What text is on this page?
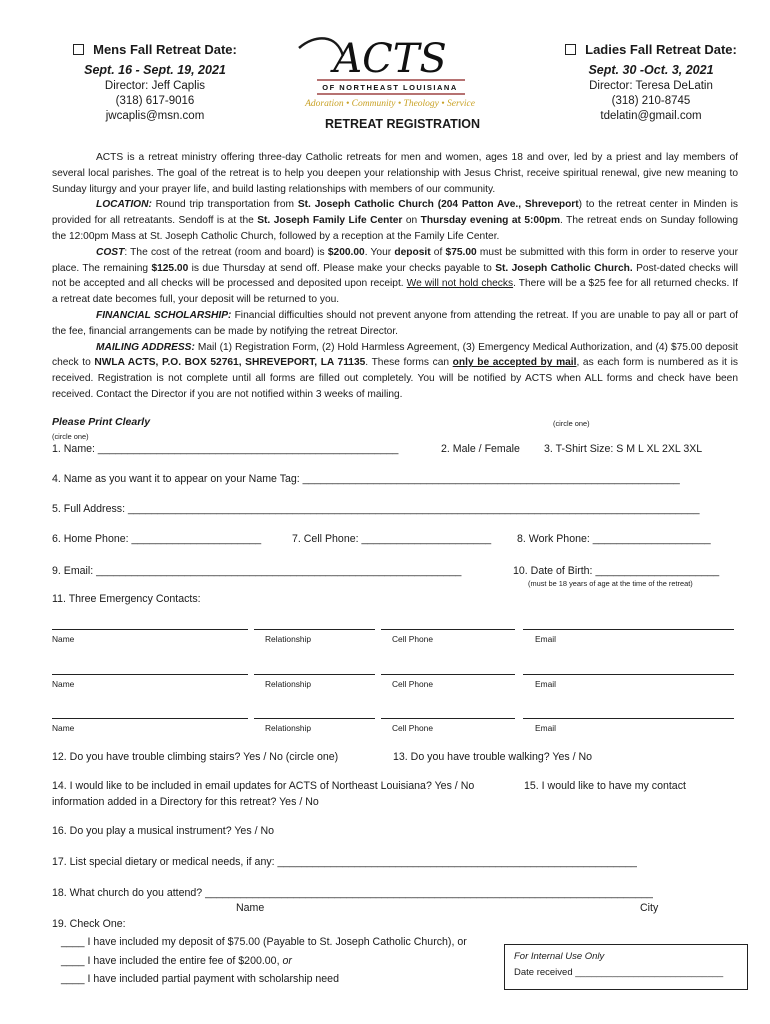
Mens Fall Retreat Date:
Sept. 16 - Sept. 19, 2021
Director: Jeff Caplis
(318) 617-9016
jwcaplis@msn.com
ACTS
OF NORTHEAST LOUISIANA
Adoration • Community • Theology • Service
RETREAT REGISTRATION
Ladies Fall Retreat Date:
Sept. 30 -Oct. 3, 2021
Director: Teresa DeLatin
(318) 210-8745
tdelatin@gmail.com

ACTS is a retreat ministry offering three-day Catholic retreats for men and women, ages 18 and over, led by a priest and lay members of several local parishes. The goal of the retreat is to help you deepen your relationship with Jesus Christ, receive spiritual renewal, give new meaning to Sunday liturgy and your prayer life, and build lasting relationships with members of our community.

LOCATION: Round trip transportation from St. Joseph Catholic Church (204 Patton Ave., Shreveport) to the retreat center in Minden is provided for all retreatants. Sendoff is at the St. Joseph Family Life Center on Thursday evening at 5:00pm. The retreat ends on Sunday following the 12:00pm Mass at St. Joseph Catholic Church, followed by a reception at the Family Life Center.

COST: The cost of the retreat (room and board) is $200.00. Your deposit of $75.00 must be submitted with this form in order to reserve your place. The remaining $125.00 is due Thursday at send off. Please make your checks payable to St. Joseph Catholic Church. Post-dated checks will not be accepted and all checks will be processed and deposited upon receipt. We will not hold checks. There will be a $25 fee for all returned checks. If a retreat date becomes full, your deposit will be returned to you.

FINANCIAL SCHOLARSHIP: Financial difficulties should not prevent anyone from attending the retreat. If you are unable to pay all or part of the fee, financial arrangements can be made by notifying the retreat Director.

MAILING ADDRESS: Mail (1) Registration Form, (2) Hold Harmless Agreement, (3) Emergency Medical Authorization, and (4) $75.00 deposit check to NWLA ACTS, P.O. BOX 52761, SHREVEPORT, LA 71135. These forms can only be accepted by mail, as each form is numbered as it is received. Registration is not complete until all forms are filled out completely. You will be notified by ACTS when ALL forms and check have been received. Contact the Director if you are not notified within 3 weeks of mailing.

Please Print Clearly	(circle one)
(circle one)
1. Name: ___________________________________________________	2. Male / Female 3. T-Shirt Size: S M L XL 2XL 3XL
4. Name as you want it to appear on your Name Tag: ________________________________________________________________
5. Full Address: _________________________________________________________________________________________________
6. Home Phone: ______________________	7. Cell Phone: ______________________ 8. Work Phone: ____________________
9. Email: ______________________________________________________________	10. Date of Birth: _____________________
(must be 18 years of age at the time of the retreat)
11. Three Emergency Contacts:
Name	Relationship	Cell Phone	Email
Name	Relationship	Cell Phone	Email
Name	Relationship	Cell Phone	Email
12. Do you have trouble climbing stairs? Yes / No (circle one)	13. Do you have trouble walking? Yes / No
14. I would like to be included in email updates for ACTS of Northeast Louisiana? Yes / No	15. I would like to have my contact
information added in a Directory for this retreat? Yes / No
16. Do you play a musical instrument? Yes / No
17. List special dietary or medical needs, if any: _____________________________________________________________
18. What church do you attend? ____________________________________________________________________________
Name	City
19. Check One:
____ I have included my deposit of $75.00 (Payable to St. Joseph Catholic Church), or
____ I have included the entire fee of $200.00, or
____ I have included partial payment with scholarship need
For Internal Use Only
Date received ____________________________
